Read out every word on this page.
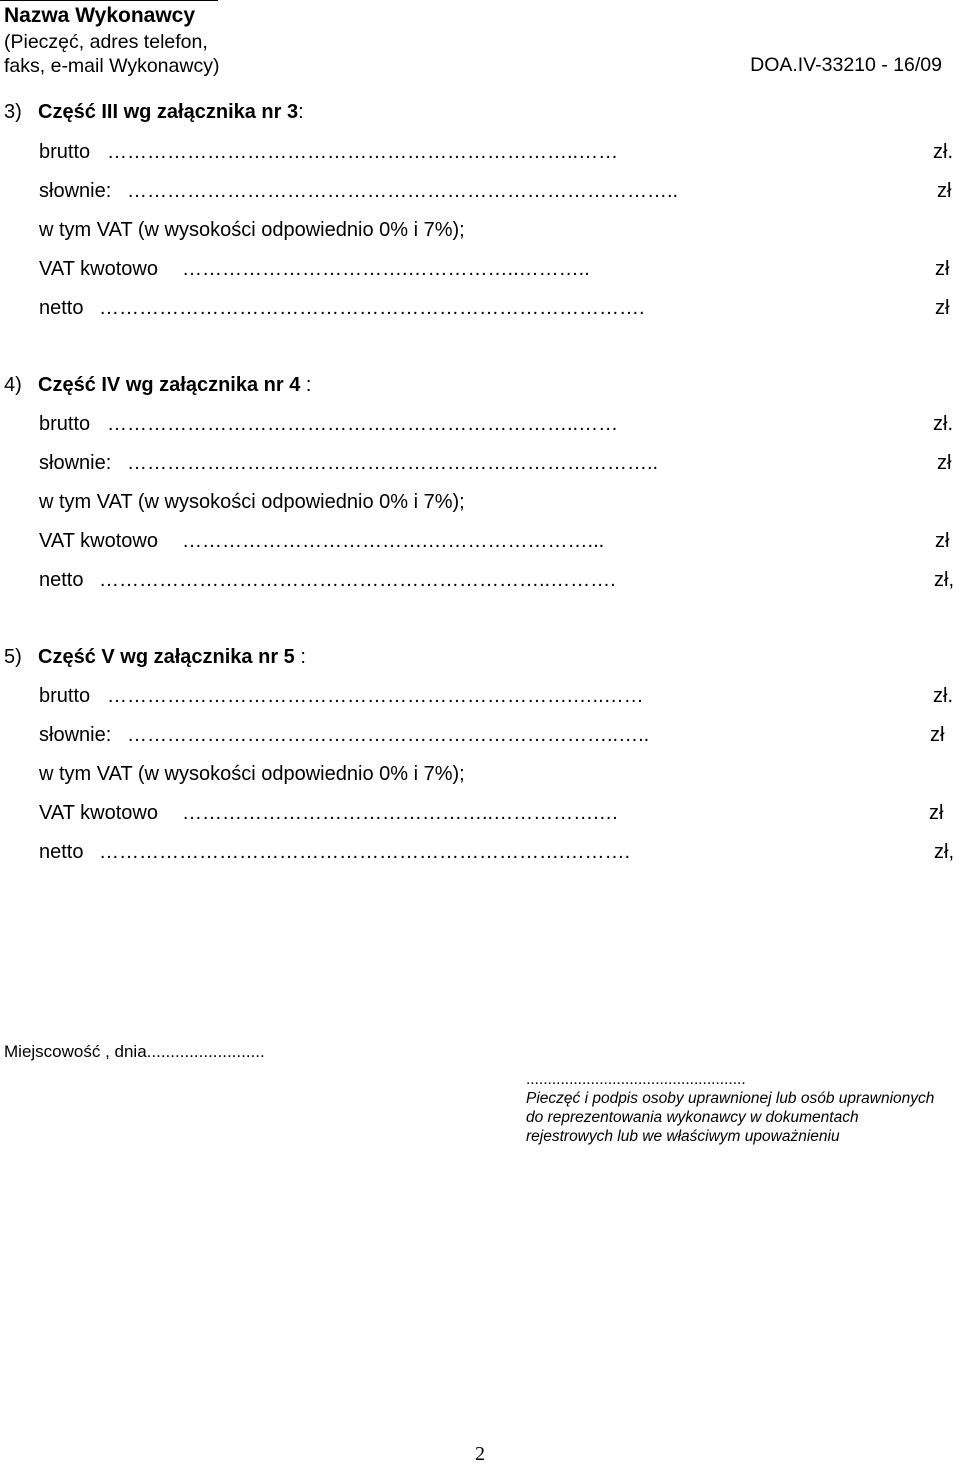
Nazwa Wykonawcy
(Pieczęć, adres telefon,
faks, e-mail Wykonawcy)	DOA.IV-33210 - 16/09
3) Część III wg załącznika nr 3:
brutto ……………………………………………………………..……	zł.
słownie: ………………………………………………………………………..	zł
w tym VAT (w wysokości odpowiednio 0% i 7%);
VAT kwotowo …………………………….……………..………..	zł
netto ……………………………………………………………………….	zł
4) Część IV wg załącznika nr 4 :
brutto ……………………………………………………………..……	zł.
słownie: ……………………………………………………………………..	zł
w tym VAT (w wysokości odpowiednio 0% i 7%);
VAT kwotowo ……………………………….……………………...	zł
netto …………………………………………………………..……….	zł,
5) Część V wg załącznika nr 5 :
brutto …………………………………………………………….…..……	zł.
słownie: ………………………………………………………………..…..	zł
w tym VAT (w wysokości odpowiednio 0% i 7%);
VAT kwotowo ………………………………………..…………….…	zł
netto …………………………………………………………….……….	zł,
Miejscowość , dnia.........................
...................................................
Pieczęć i podpis osoby uprawnionej lub osób uprawnionych
do reprezentowania wykonawcy w dokumentach
rejestrowych lub we właściwym upoważnieniu
2
